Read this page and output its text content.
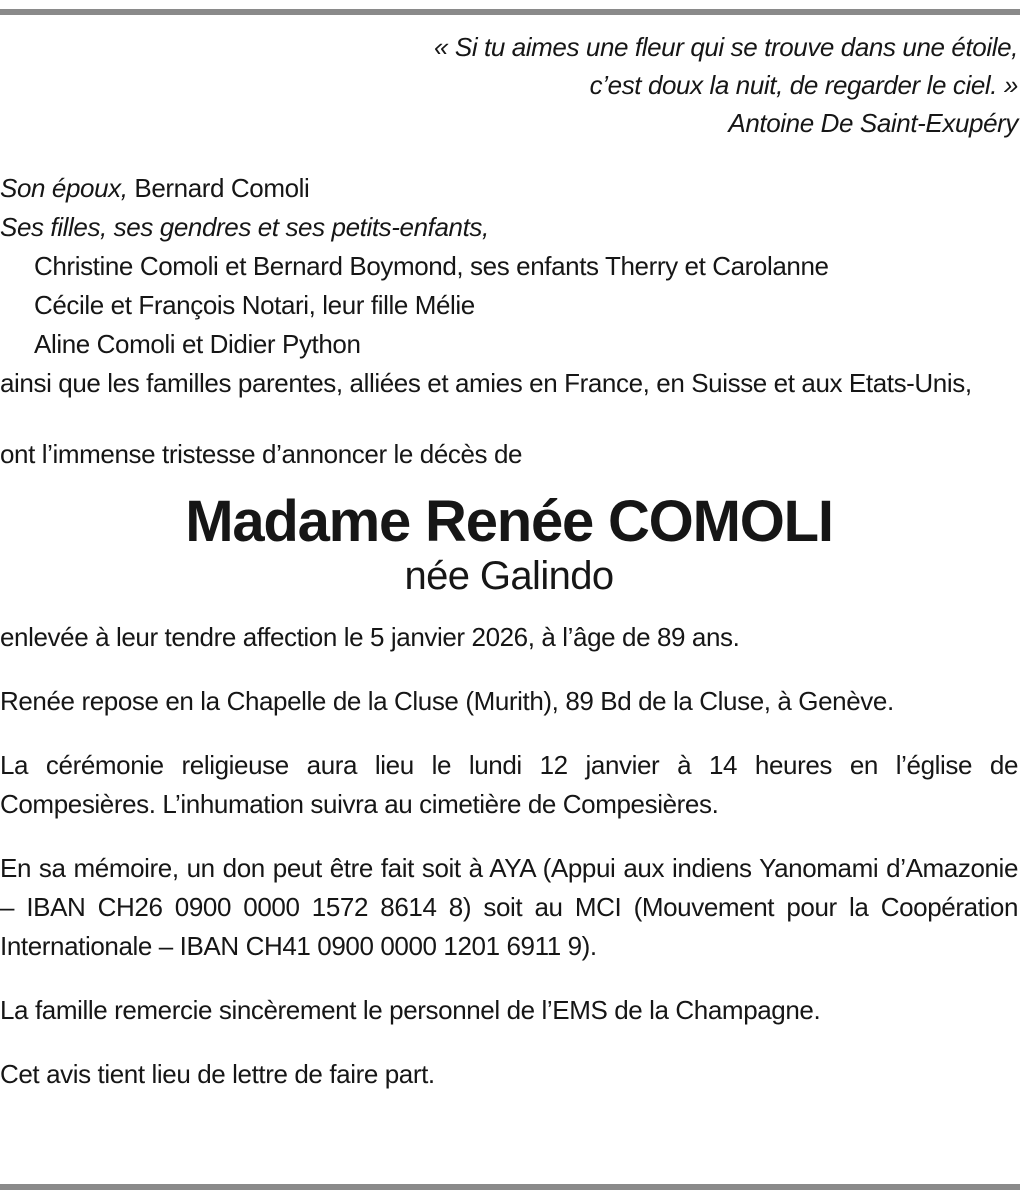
« Si tu aimes une fleur qui se trouve dans une étoile,
c’est doux la nuit, de regarder le ciel. »
Antoine De Saint-Exupéry

Son époux, Bernard Comoli
Ses filles, ses gendres et ses petits-enfants,
Christine Comoli et Bernard Boymond, ses enfants Therry et Carolanne
Cécile et François Notari, leur fille Mélie
Aline Comoli et Didier Python
ainsi que les familles parentes, alliées et amies en France, en Suisse et aux Etats-Unis,

ont l’immense tristesse d’annoncer le décès de

Madame Renée COMOLI

née Galindo

enlevée à leur tendre affection le 5 janvier 2026, à l’âge de 89 ans.

Renée repose en la Chapelle de la Cluse (Murith), 89 Bd de la Cluse, à Genève.

La cérémonie religieuse aura lieu le lundi 12 janvier à 14 heures en l’église de Compesières. L’inhumation suivra au cimetière de Compesières.

En sa mémoire, un don peut être fait soit à AYA (Appui aux indiens Yanomami d’Amazonie – IBAN CH26 0900 0000 1572 8614 8) soit au MCI (Mouvement pour la Coopération Internationale – IBAN CH41 0900 0000 1201 6911 9).

La famille remercie sincèrement le personnel de l’EMS de la Champagne.

Cet avis tient lieu de lettre de faire part.
